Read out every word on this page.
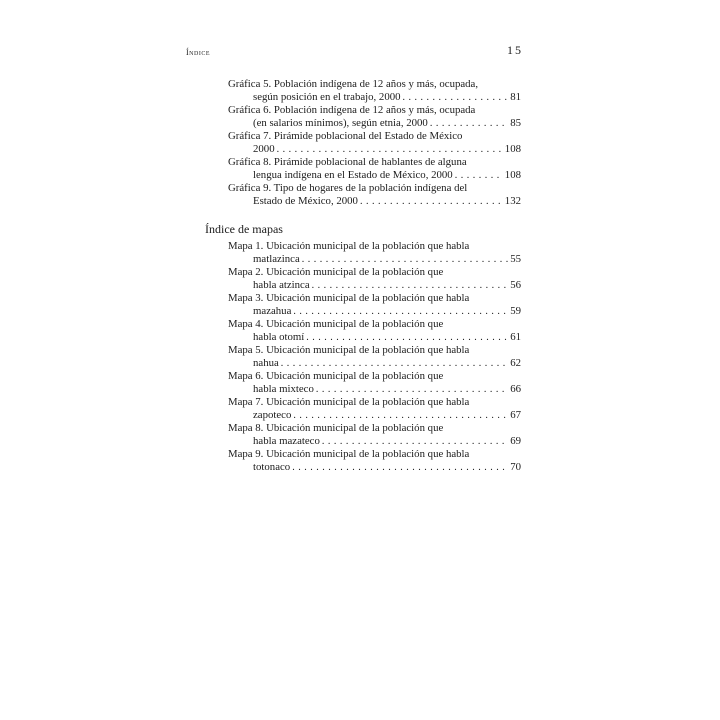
Índice	15
Gráfica 5. Población indígena de 12 años y más, ocupada,
según posición en el trabajo, 2000 . . .	81
Gráfica 6. Población indígena de 12 años y más, ocupada
(en salarios mínimos), según etnia, 2000 . . .	85
Gráfica 7. Pirámide poblacional del Estado de México
2000 . . .	108
Gráfica 8. Pirámide poblacional de hablantes de alguna
lengua indígena en el Estado de México, 2000 . . .	108
Gráfica 9. Tipo de hogares de la población indígena del
Estado de México, 2000 . . .	132
Índice de mapas
Mapa 1. Ubicación municipal de la población que habla
matlazinca . . .	55
Mapa 2. Ubicación municipal de la población que
habla atzinca . . .	56
Mapa 3. Ubicación municipal de la población que habla
mazahua . . .	59
Mapa 4. Ubicación municipal de la población que
habla otomí . . .	61
Mapa 5. Ubicación municipal de la población que habla
nahua . . .	62
Mapa 6. Ubicación municipal de la población que
habla mixteco . . .	66
Mapa 7. Ubicación municipal de la población que habla
zapoteco . . .	67
Mapa 8. Ubicación municipal de la población que
habla mazateco . . .	69
Mapa 9. Ubicación municipal de la población que habla
totonaco . . .	70
